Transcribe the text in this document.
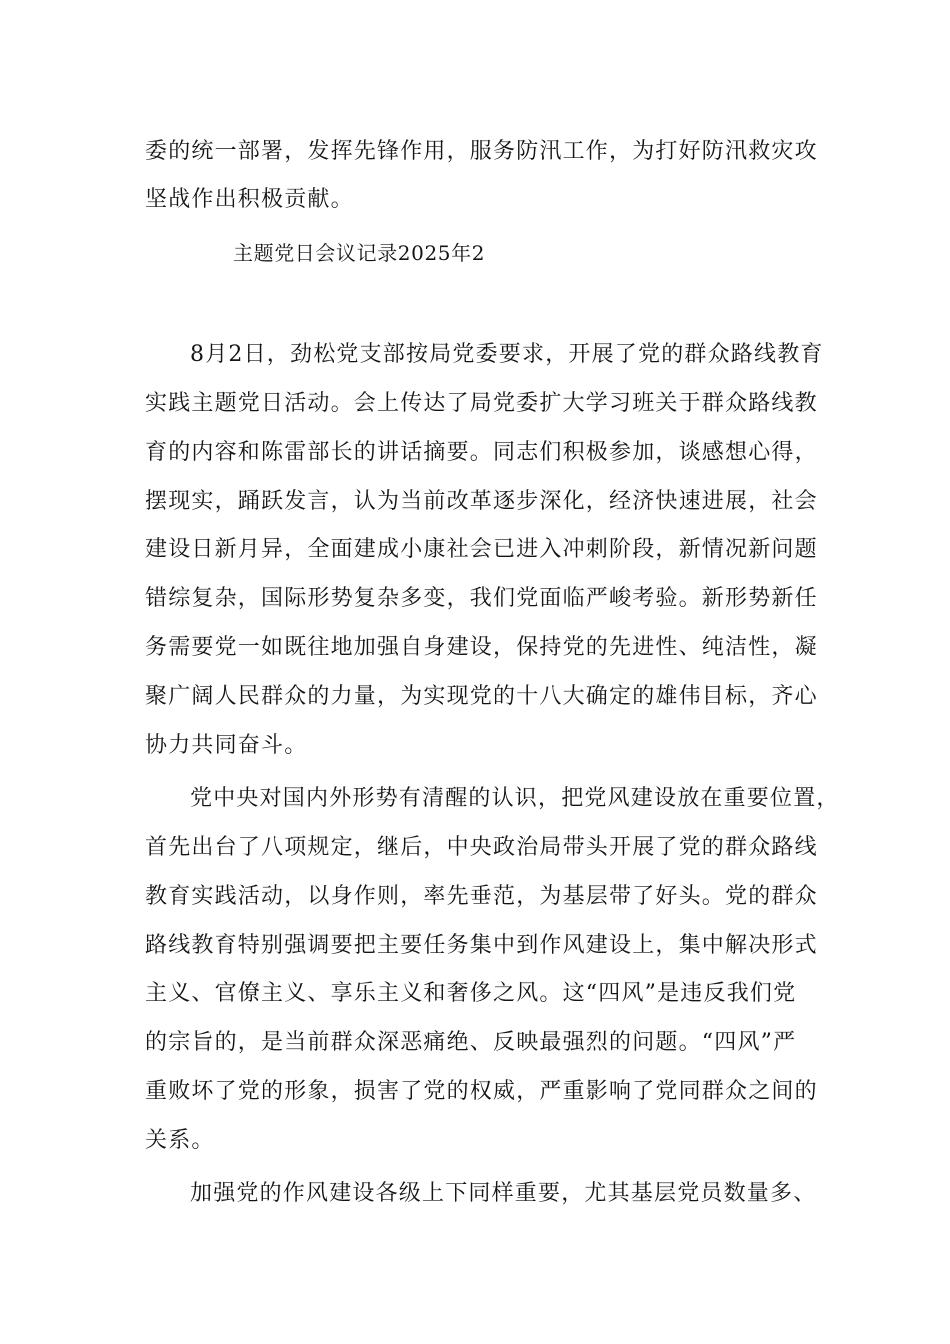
委的统一部署，发挥先锋作用，服务防汛工作，为打好防汛救灾攻
坚战作出积极贡献。
主题党日会议记录2025年2
8月2日，劲松党支部按局党委要求，开展了党的群众路线教育
实践主题党日活动。会上传达了局党委扩大学习班关于群众路线教
育的内容和陈雷部长的讲话摘要。同志们积极参加，谈感想心得，
摆现实，踊跃发言，认为当前改革逐步深化，经济快速进展，社会
建设日新月异，全面建成小康社会已进入冲刺阶段，新情况新问题
错综复杂，国际形势复杂多变，我们党面临严峻考验。新形势新任
务需要党一如既往地加强自身建设，保持党的先进性、纯洁性，凝
聚广阔人民群众的力量，为实现党的十八大确定的雄伟目标，齐心
协力共同奋斗。
党中央对国内外形势有清醒的认识，把党风建设放在重要位置，
首先出台了八项规定，继后，中央政治局带头开展了党的群众路线
教育实践活动，以身作则，率先垂范，为基层带了好头。党的群众
路线教育特别强调要把主要任务集中到作风建设上，集中解决形式
主义、官僚主义、享乐主义和奢侈之风。这“四风”是违反我们党
的宗旨的，是当前群众深恶痛绝、反映最强烈的问题。“四风”严
重败坏了党的形象，损害了党的权威，严重影响了党同群众之间的
关系。
加强党的作风建设各级上下同样重要，尤其基层党员数量多、
